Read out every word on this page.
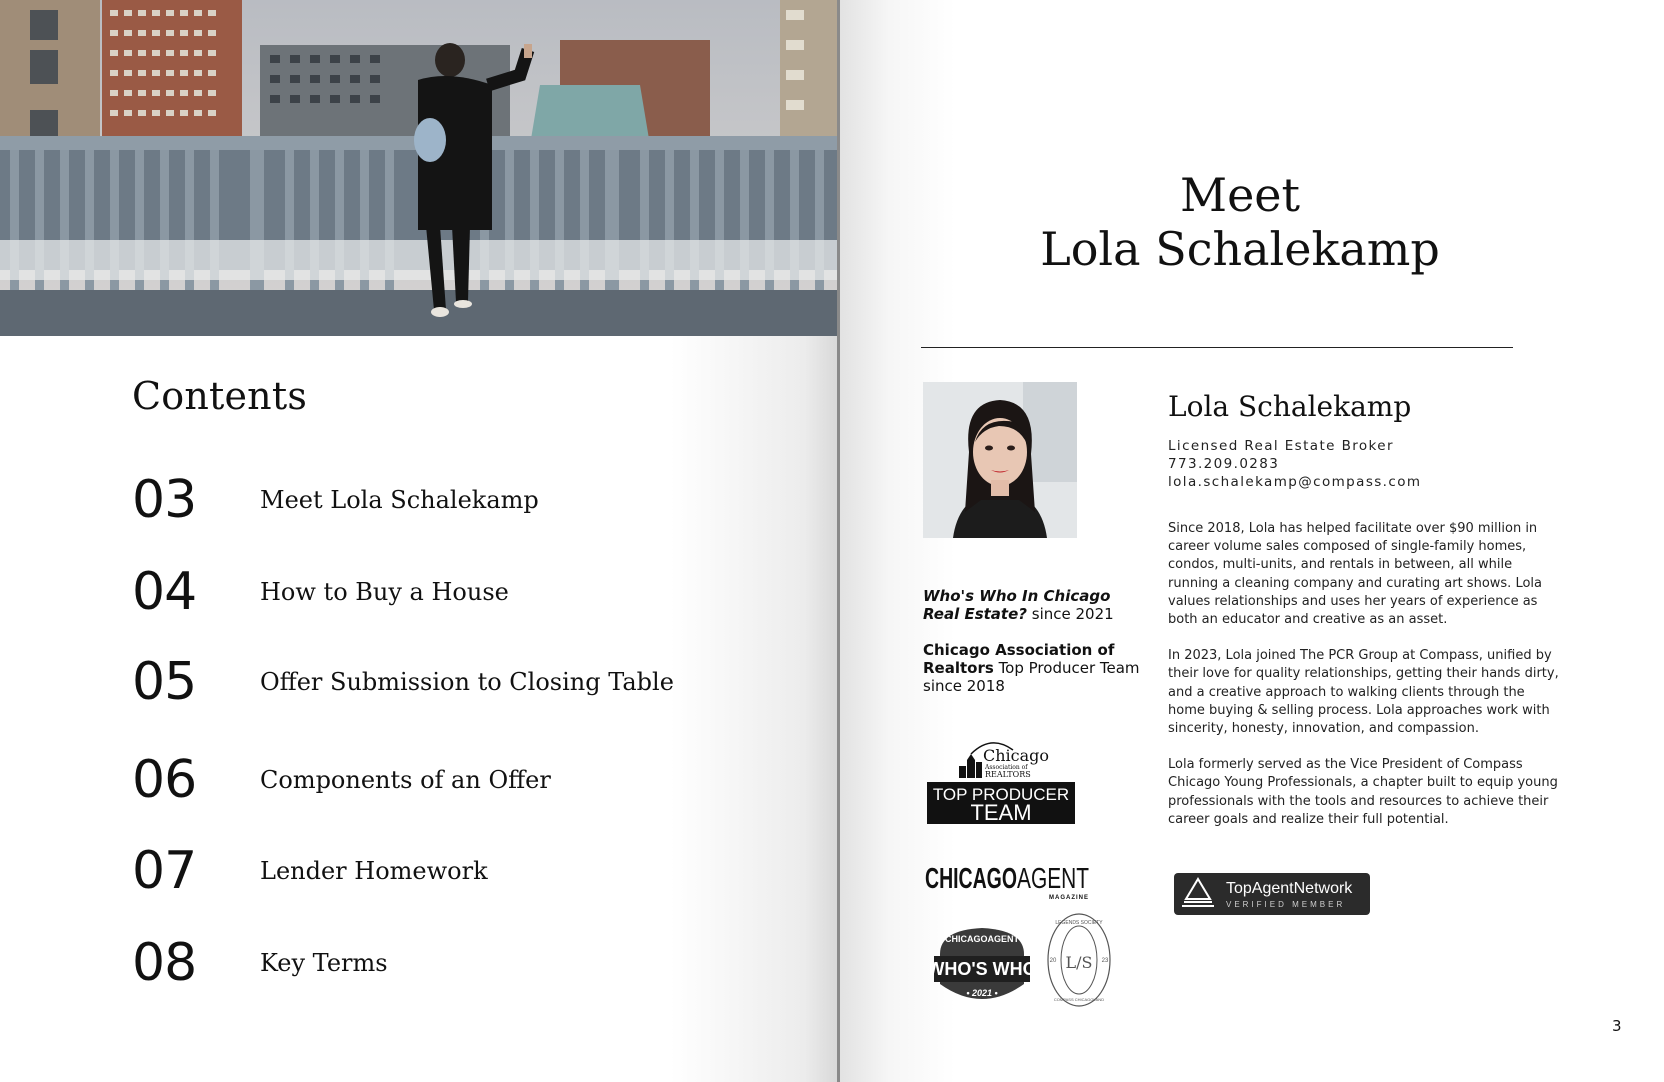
Contents
03	Meet Lola Schalekamp
04	How to Buy a House
05	Offer Submission to Closing Table
06	Components of an Offer
07	Lender Homework
08	Key Terms
Meet
Lola Schalekamp
Lola Schalekamp
Licensed Real Estate Broker
773.209.0283
lola.schalekamp@compass.com

Since 2018, Lola has helped facilitate over $90 million in career volume sales composed of single-family homes, condos, multi-units, and rentals in between, all while running a cleaning company and curating art shows. Lola values relationships and uses her years of experience as both an educator and creative as an asset.

In 2023, Lola joined The PCR Group at Compass, unified by their love for quality relationships, getting their hands dirty, and a creative approach to walking clients through the home buying & selling process. Lola approaches work with sincerity, honesty, innovation, and compassion.

Lola formerly served as the Vice President of Compass Chicago Young Professionals, a chapter built to equip young professionals with the tools and resources to achieve their career goals and realize their full potential.

Who's Who In Chicago Real Estate? since 2021
Chicago Association of Realtors Top Producer Team since 2018
Chicago
Association of
REALTORS
TOP PRODUCER
TEAM
CHICAGO AGENT
MAGAZINE
CHICAGOAGENT
WHO'S WHO
• 2021 •
LEGENDS SOCIETY
L/S
20	23
COMPASS CHICAGOLAND
TopAgentNetwork
VERIFIED MEMBER
3
